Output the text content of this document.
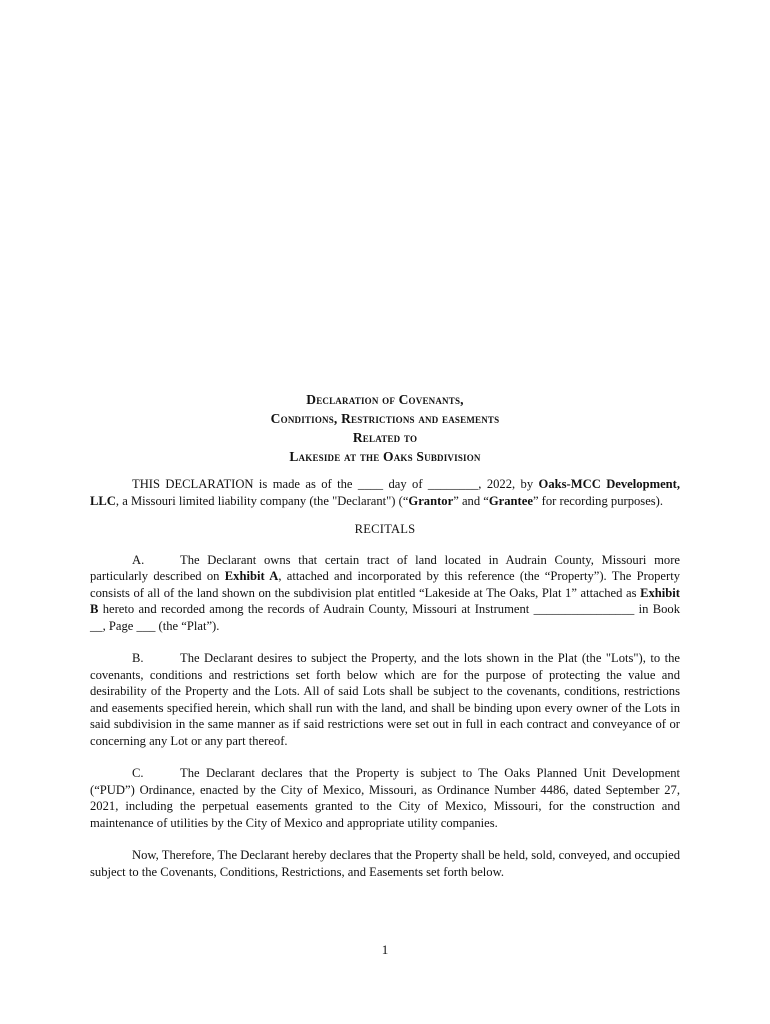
Declaration of Covenants,
Conditions, Restrictions and easements
Related to
Lakeside at the Oaks Subdivision

THIS DECLARATION is made as of the ____ day of ________, 2022, by Oaks-MCC Development, LLC, a Missouri limited liability company (the "Declarant") (“Grantor” and “Grantee” for recording purposes).

RECITALS

A.	The Declarant owns that certain tract of land located in Audrain County, Missouri more particularly described on Exhibit A, attached and incorporated by this reference (the “Property”). The Property consists of all of the land shown on the subdivision plat entitled “Lakeside at The Oaks, Plat 1” attached as Exhibit B hereto and recorded among the records of Audrain County, Missouri at Instrument ________________ in Book __, Page ___ (the “Plat”).

B.	The Declarant desires to subject the Property, and the lots shown in the Plat (the "Lots"), to the covenants, conditions and restrictions set forth below which are for the purpose of protecting the value and desirability of the Property and the Lots. All of said Lots shall be subject to the covenants, conditions, restrictions and easements specified herein, which shall run with the land, and shall be binding upon every owner of the Lots in said subdivision in the same manner as if said restrictions were set out in full in each contract and conveyance of or concerning any Lot or any part thereof.

C.	The Declarant declares that the Property is subject to The Oaks Planned Unit Development (“PUD”) Ordinance, enacted by the City of Mexico, Missouri, as Ordinance Number 4486, dated September 27, 2021, including the perpetual easements granted to the City of Mexico, Missouri, for the construction and maintenance of utilities by the City of Mexico and appropriate utility companies.

Now, Therefore, The Declarant hereby declares that the Property shall be held, sold, conveyed, and occupied subject to the Covenants, Conditions, Restrictions, and Easements set forth below.

1
